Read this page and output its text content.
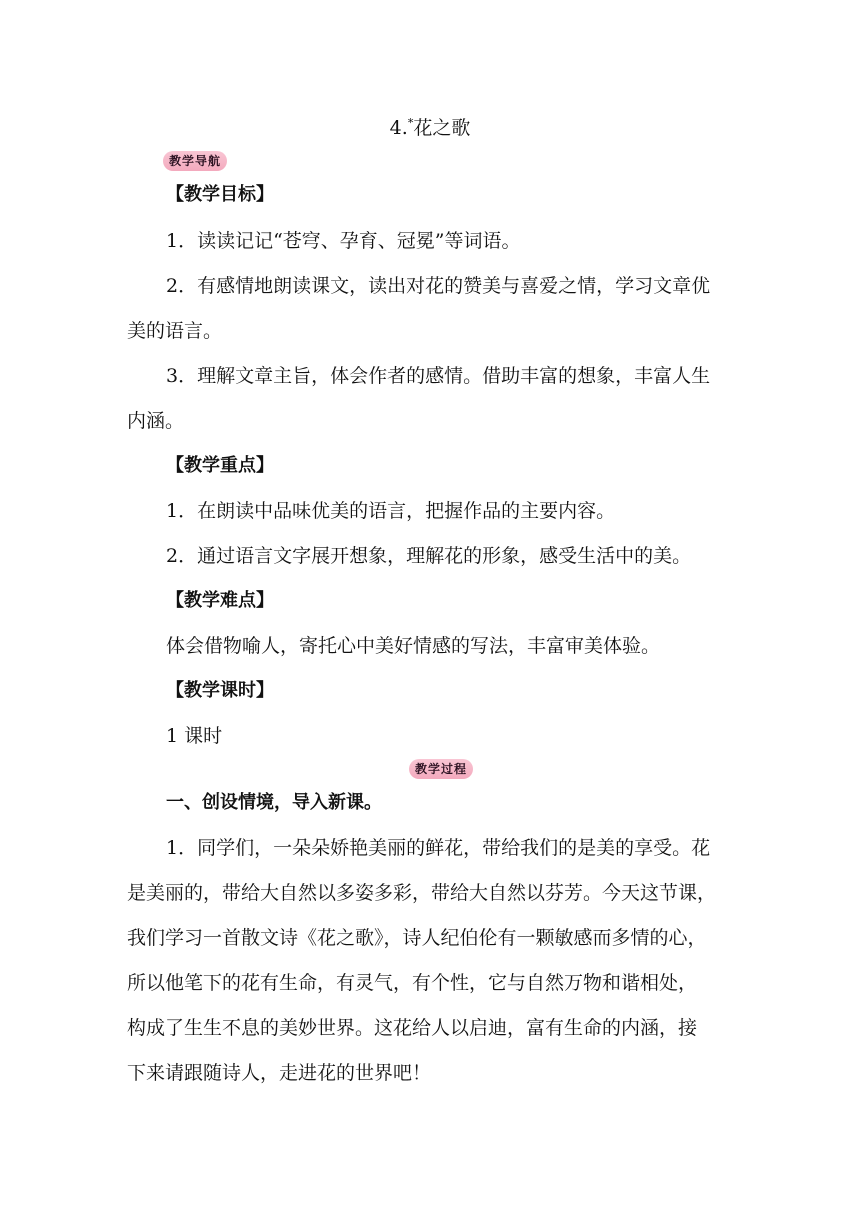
4.*花之歌
教学导航
【教学目标】
1．读读记记“苍穹、孕育、冠冕”等词语。
2．有感情地朗读课文，读出对花的赞美与喜爱之情，学习文章优
美的语言。
3．理解文章主旨，体会作者的感情。借助丰富的想象，丰富人生
内涵。
【教学重点】
1．在朗读中品味优美的语言，把握作品的主要内容。
2．通过语言文字展开想象，理解花的形象，感受生活中的美。
【教学难点】
体会借物喻人，寄托心中美好情感的写法，丰富审美体验。
【教学课时】
1 课时
教学过程
一、创设情境，导入新课。
1．同学们，一朵朵娇艳美丽的鲜花，带给我们的是美的享受。花
是美丽的，带给大自然以多姿多彩，带给大自然以芬芳。今天这节课，
我们学习一首散文诗《花之歌》，诗人纪伯伦有一颗敏感而多情的心，
所以他笔下的花有生命，有灵气，有个性，它与自然万物和谐相处，
构成了生生不息的美妙世界。这花给人以启迪，富有生命的内涵，接
下来请跟随诗人，走进花的世界吧！
